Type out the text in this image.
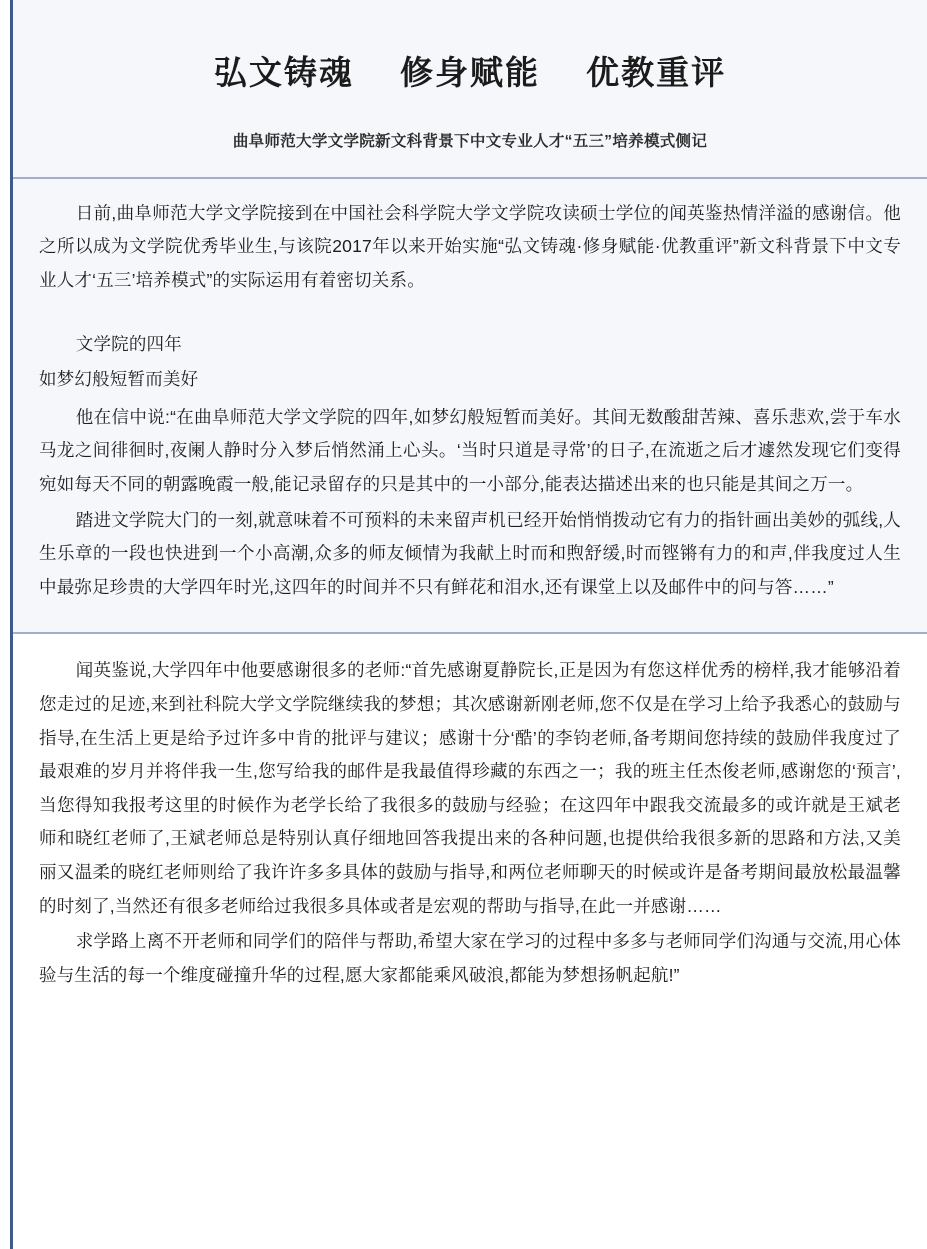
弘文铸魂　 修身赋能　 优教重评
曲阜师范大学文学院新文科背景下中文专业人才“五三”培养模式侧记

日前,曲阜师范大学文学院接到在中国社会科学院大学文学院攻读硕士学位的闻英鉴热情洋溢的感谢信。他之所以成为文学院优秀毕业生,与该院2017年以来开始实施“弘文铸魂·修身赋能·优教重评”新文科背景下中文专业人才‘五三’培养模式”的实际运用有着密切关系。

文学院的四年

如梦幻般短暂而美好

他在信中说:“在曲阜师范大学文学院的四年,如梦幻般短暂而美好。其间无数酸甜苦辣、喜乐悲欢,尝于车水马龙之间徘徊时,夜阑人静时分入梦后悄然涌上心头。‘当时只道是寻常’的日子,在流逝之后才遽然发现它们变得宛如每天不同的朝露晚霞一般,能记录留存的只是其中的一小部分,能表达描述出来的也只能是其间之万一。

踏进文学院大门的一刻,就意味着不可预料的未来留声机已经开始悄悄拨动它有力的指针画出美妙的弧线,人生乐章的一段也快进到一个小高潮,众多的师友倾情为我献上时而和煦舒缓,时而铿锵有力的和声,伴我度过人生中最弥足珍贵的大学四年时光,这四年的时间并不只有鲜花和泪水,还有课堂上以及邮件中的问与答……”

闻英鉴说,大学四年中他要感谢很多的老师:“首先感谢夏静院长,正是因为有您这样优秀的榜样,我才能够沿着您走过的足迹,来到社科院大学文学院继续我的梦想；其次感谢新刚老师,您不仅是在学习上给予我悉心的鼓励与指导,在生活上更是给予过许多中肯的批评与建议；感谢十分‘酷’的李钧老师,备考期间您持续的鼓励伴我度过了最艰难的岁月并将伴我一生,您写给我的邮件是我最值得珍藏的东西之一；我的班主任杰俊老师,感谢您的‘预言’,当您得知我报考这里的时候作为老学长给了我很多的鼓励与经验；在这四年中跟我交流最多的或许就是王斌老师和晓红老师了,王斌老师总是特别认真仔细地回答我提出来的各种问题,也提供给我很多新的思路和方法,又美丽又温柔的晓红老师则给了我许许多多具体的鼓励与指导,和两位老师聊天的时候或许是备考期间最放松最温馨的时刻了,当然还有很多老师给过我很多具体或者是宏观的帮助与指导,在此一并感谢……

求学路上离不开老师和同学们的陪伴与帮助,希望大家在学习的过程中多多与老师同学们沟通与交流,用心体验与生活的每一个维度碰撞升华的过程,愿大家都能乘风破浪,都能为梦想扬帆起航!”
